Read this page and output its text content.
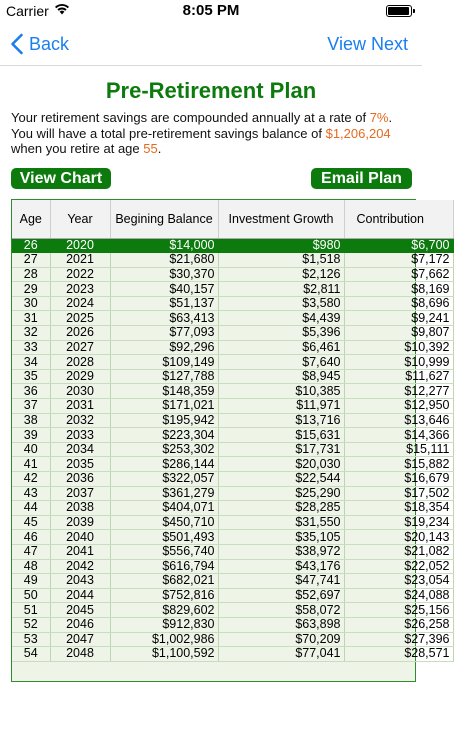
Carrier	8:05 PM
Back	View Next
Pre-Retirement Plan
Your retirement savings are compounded annually at a rate of 7%.
You will have a total pre-retirement savings balance of $1,206,204
when you retire at age 55.
View Chart	Email Plan
Age	Year	Begining Balance	Investment Growth	Contribution
26	2020	$14,000	$980	$6,700
27	2021	$21,680	$1,518	$7,172
28	2022	$30,370	$2,126	$7,662
29	2023	$40,157	$2,811	$8,169
30	2024	$51,137	$3,580	$8,696
31	2025	$63,413	$4,439	$9,241
32	2026	$77,093	$5,396	$9,807
33	2027	$92,296	$6,461	$10,392
34	2028	$109,149	$7,640	$10,999
35	2029	$127,788	$8,945	$11,627
36	2030	$148,359	$10,385	$12,277
37	2031	$171,021	$11,971	$12,950
38	2032	$195,942	$13,716	$13,646
39	2033	$223,304	$15,631	$14,366
40	2034	$253,302	$17,731	$15,111
41	2035	$286,144	$20,030	$15,882
42	2036	$322,057	$22,544	$16,679
43	2037	$361,279	$25,290	$17,502
44	2038	$404,071	$28,285	$18,354
45	2039	$450,710	$31,550	$19,234
46	2040	$501,493	$35,105	$20,143
47	2041	$556,740	$38,972	$21,082
48	2042	$616,794	$43,176	$22,052
49	2043	$682,021	$47,741	$23,054
50	2044	$752,816	$52,697	$24,088
51	2045	$829,602	$58,072	$25,156
52	2046	$912,830	$63,898	$26,258
53	2047	$1,002,986	$70,209	$27,396
54	2048	$1,100,592	$77,041	$28,571
